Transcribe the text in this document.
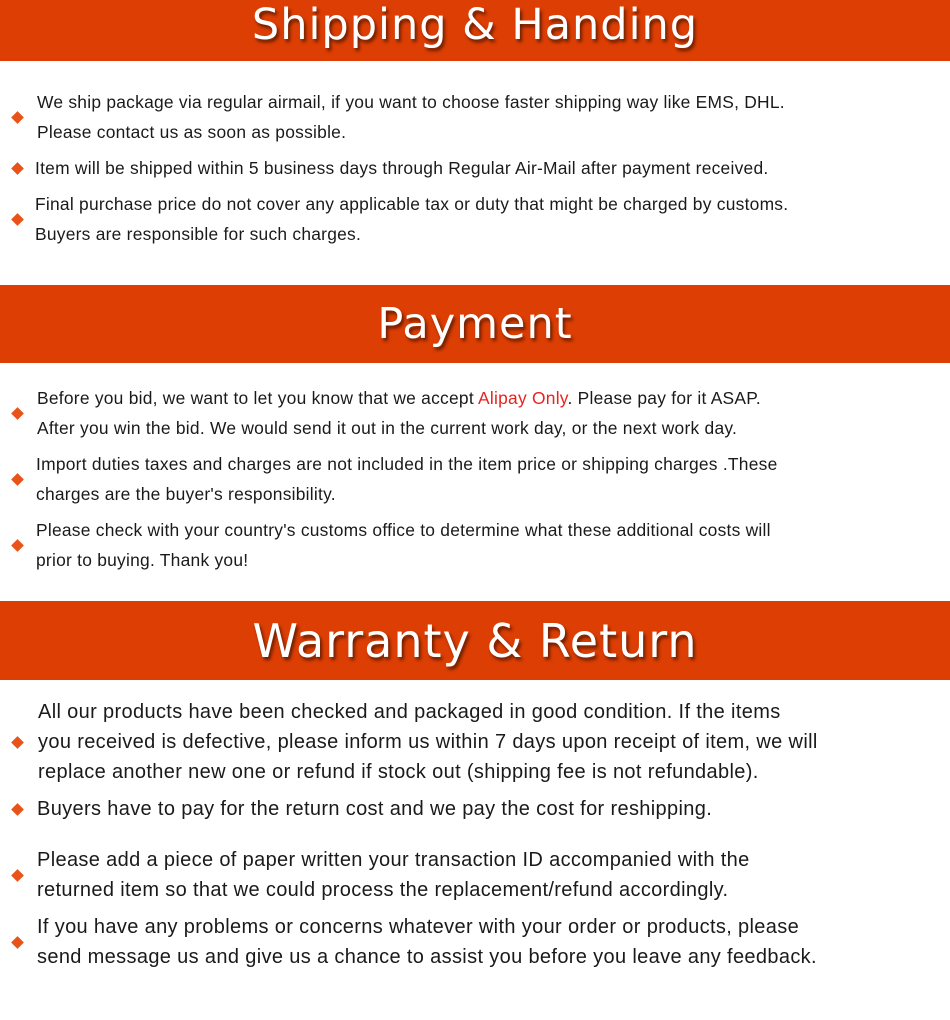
Shipping & Handing
We ship package via regular airmail, if you want to choose faster shipping way like EMS, DHL.
Please contact us as soon as possible.
Item will be shipped within 5 business days through Regular Air-Mail after payment received.
Final purchase price do not cover any applicable tax or duty that might be charged by customs.
Buyers are responsible for such charges.
Payment
Before you bid, we want to let you know that we accept Alipay Only. Please pay for it ASAP.
After you win the bid. We would send it out in the current work day, or the next work day.
Import duties taxes and charges are not included in the item price or shipping charges .These
charges are the buyer's responsibility.
Please check with your country's customs office to determine what these additional costs will
prior to buying. Thank you!
Warranty & Return
All our products have been checked and packaged in good condition. If the items
you received is defective, please inform us within 7 days upon receipt of item, we will
replace another new one or refund if stock out (shipping fee is not refundable).
Buyers have to pay for the return cost and we pay the cost for reshipping.
Please add a piece of paper written your transaction ID accompanied with the
returned item so that we could process the replacement/refund accordingly.
If you have any problems or concerns whatever with your order or products, please
send message us and give us a chance to assist you before you leave any feedback.
